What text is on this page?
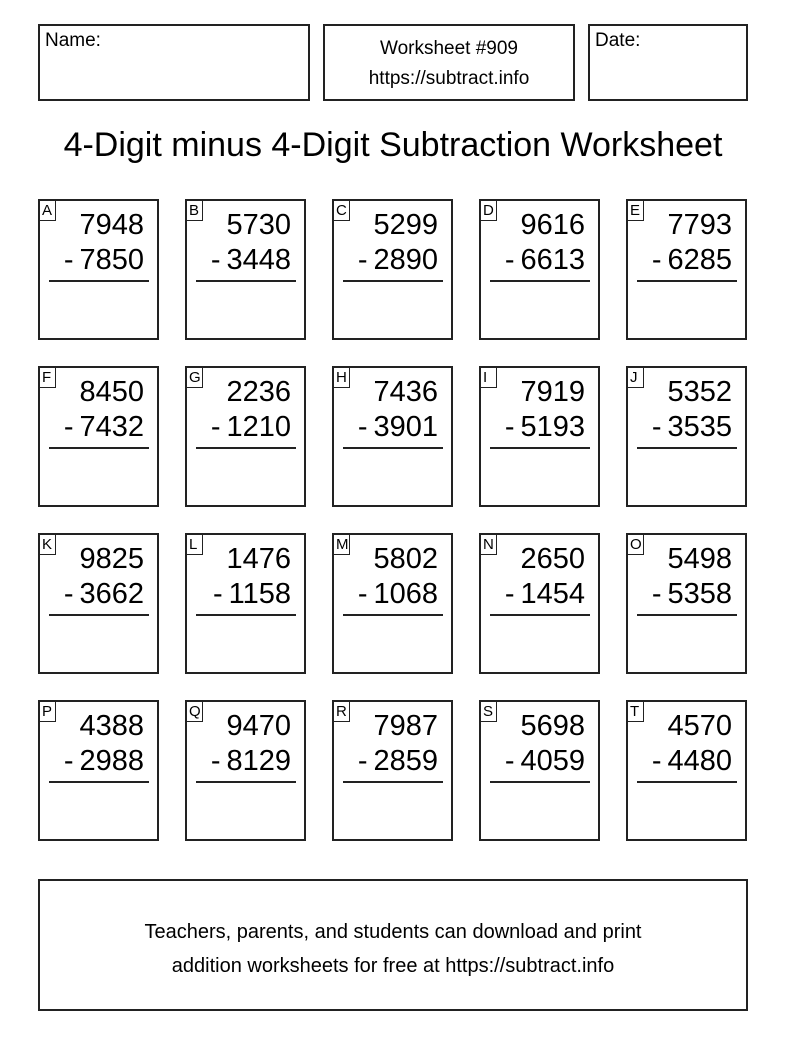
Name:	Worksheet #909
https://subtract.info
Date:
4-Digit minus 4-Digit Subtraction Worksheet
A 7948
- 7850
B 5730
- 3448
C 5299
- 2890
D 9616
- 6613
E 7793
- 6285
F 8450
- 7432
G 2236
- 1210
H 7436
- 3901
I	7919
- 5193
J 5352
- 3535
K 9825
- 3662
L 1476
- 1158
M 5802
- 1068
N 2650
- 1454
O 5498
- 5358
P 4388
- 2988
Q 9470
- 8129
R 7987
- 2859
S 5698
- 4059
T 4570
- 4480
Teachers, parents, and students can download and print
addition worksheets for free at https://subtract.info
